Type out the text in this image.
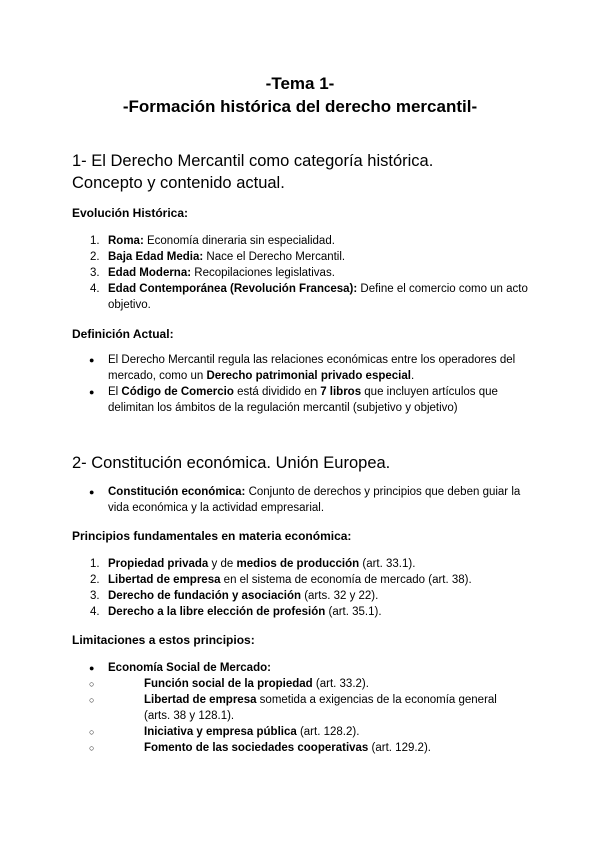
-Tema 1-
-Formación histórica del derecho mercantil-
1- El Derecho Mercantil como categoría histórica.
Concepto y contenido actual.
Evolución Histórica:
1. Roma: Economía dineraria sin especialidad.
2. Baja Edad Media: Nace el Derecho Mercantil.
3. Edad Moderna: Recopilaciones legislativas.
4. Edad Contemporánea (Revolución Francesa): Define el comercio como un acto objetivo.
Definición Actual:
●	El Derecho Mercantil regula las relaciones económicas entre los operadores del mercado, como un Derecho patrimonial privado especial.
●	El Código de Comercio está dividido en 7 libros que incluyen artículos que delimitan los ámbitos de la regulación mercantil (subjetivo y objetivo)
2- Constitución económica. Unión Europea.
●	Constitución económica: Conjunto de derechos y principios que deben guiar la vida económica y la actividad empresarial.
Principios fundamentales en materia económica:
1. Propiedad privada y de medios de producción (art. 33.1).
2. Libertad de empresa en el sistema de economía de mercado (art. 38).
3. Derecho de fundación y asociación (arts. 32 y 22).
4. Derecho a la libre elección de profesión (art. 35.1).
Limitaciones a estos principios:
●	Economía Social de Mercado:
○	Función social de la propiedad (art. 33.2).
○	Libertad de empresa sometida a exigencias de la economía general (arts. 38 y 128.1).
○	Iniciativa y empresa pública (art. 128.2).
○	Fomento de las sociedades cooperativas (art. 129.2).
